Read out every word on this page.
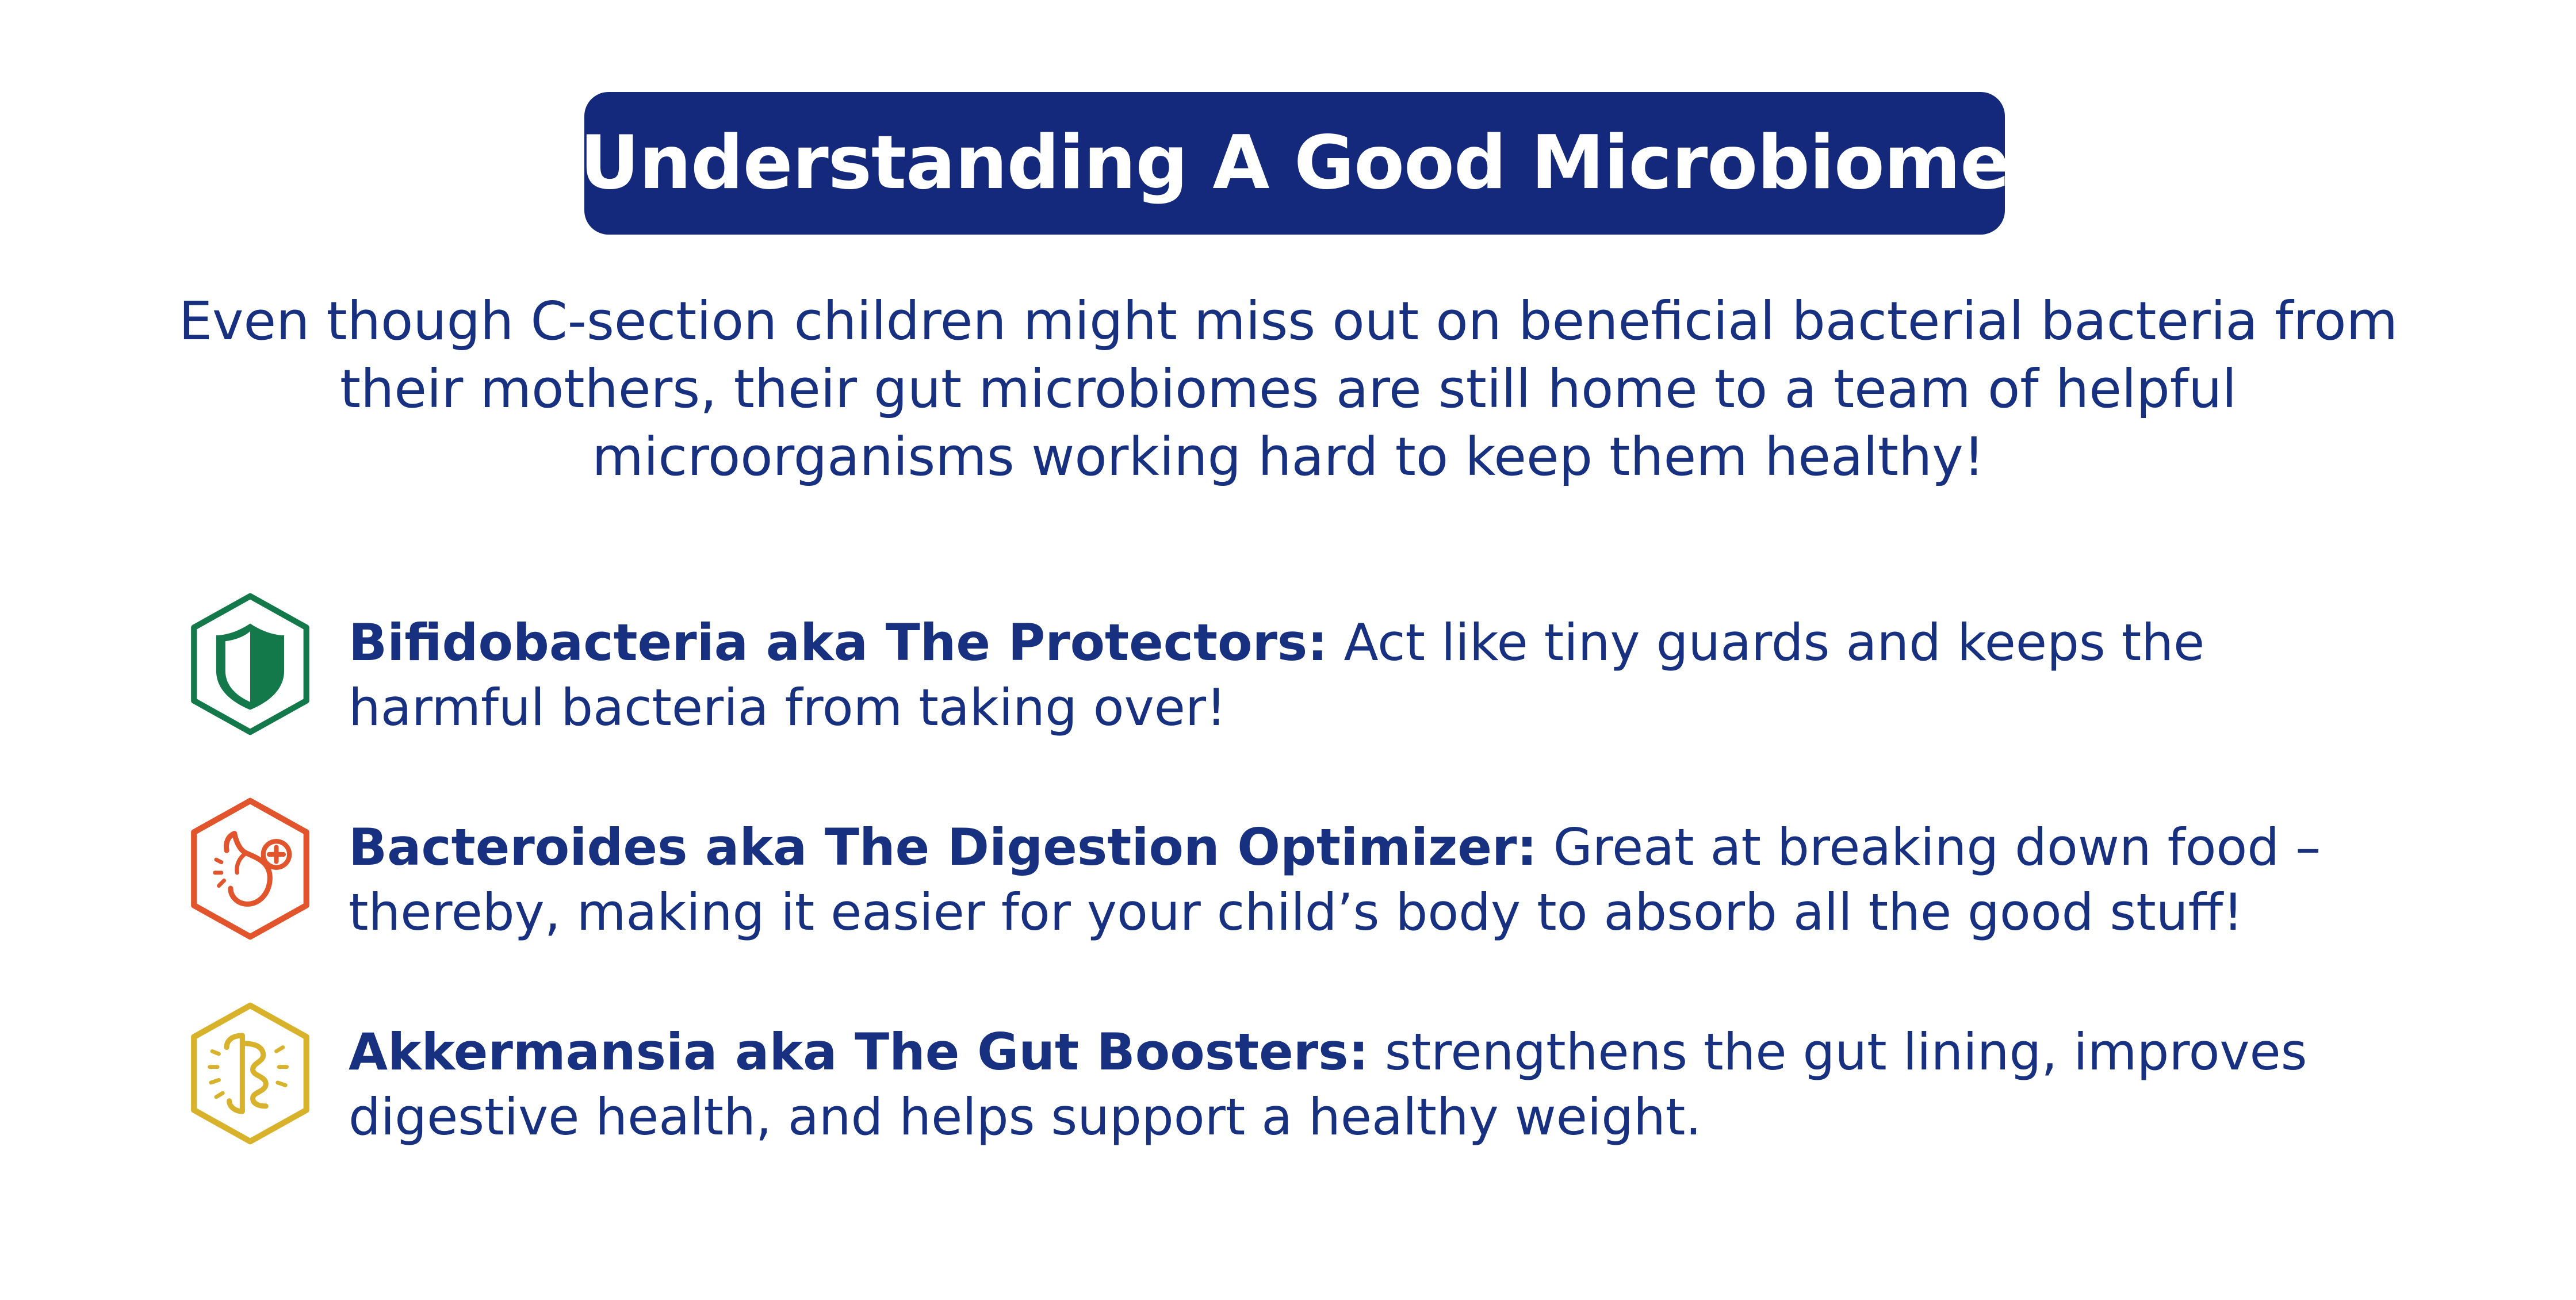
Understanding A Good Microbiome
Even though C-section children might miss out on beneficial bacterial bacteria from their mothers, their gut microbiomes are still home to a team of helpful microorganisms working hard to keep them healthy!
Bifidobacteria aka The Protectors: Act like tiny guards and keeps the harmful bacteria from taking over!
Bacteroides aka The Digestion Optimizer: Great at breaking down food – thereby, making it easier for your child’s body to absorb all the good stuff!
Akkermansia aka The Gut Boosters: strengthens the gut lining, improves digestive health, and helps support a healthy weight.
